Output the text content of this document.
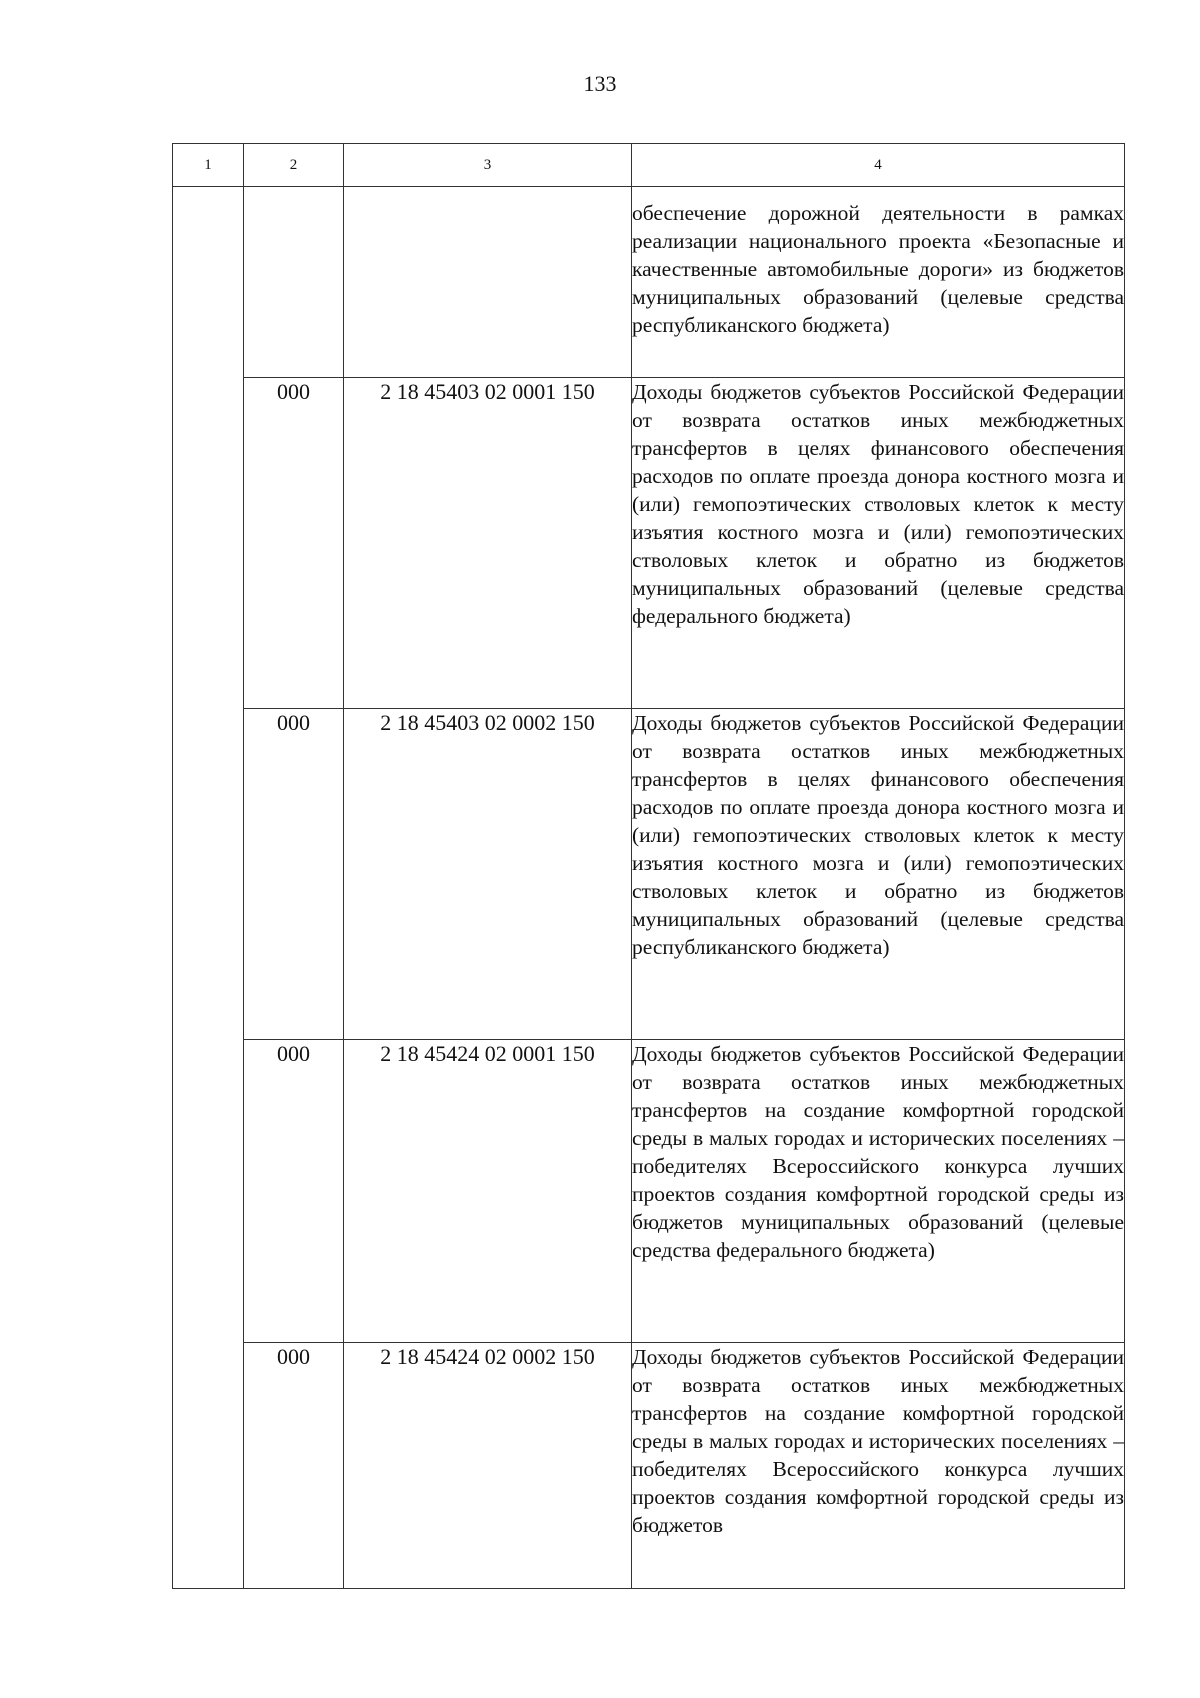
133
1	2	3	4
			обеспечение дорожной деятельности в рамках реализации национального проекта «Безопасные и качественные автомобильные дороги» из бюджетов муниципальных образований (целевые средства республиканского бюджета)
	000	2 18 45403 02 0001 150	Доходы бюджетов субъектов Российской Федерации от возврата остатков иных межбюджетных трансфертов в целях финансового обеспечения расходов по оплате проезда донора костного мозга и (или) гемопоэтических стволовых клеток к месту изъятия костного мозга и (или) гемопоэтических стволовых клеток и обратно из бюджетов муниципальных образований (целевые средства федерального бюджета)
	000	2 18 45403 02 0002 150	Доходы бюджетов субъектов Российской Федерации от возврата остатков иных межбюджетных трансфертов в целях финансового обеспечения расходов по оплате проезда донора костного мозга и (или) гемопоэтических стволовых клеток к месту изъятия костного мозга и (или) гемопоэтических стволовых клеток и обратно из бюджетов муниципальных образований (целевые средства республиканского бюджета)
	000	2 18 45424 02 0001 150	Доходы бюджетов субъектов Российской Федерации от возврата остатков иных межбюджетных трансфертов на создание комфортной городской среды в малых городах и исторических поселениях – победителях Всероссийского конкурса лучших проектов создания комфортной городской среды из бюджетов муниципальных образований (целевые средства федерального бюджета)
	000	2 18 45424 02 0002 150	Доходы бюджетов субъектов Российской Федерации от возврата остатков иных межбюджетных трансфертов на создание комфортной городской среды в малых городах и исторических поселениях – победителях Всероссийского конкурса лучших проектов создания комфортной городской среды из бюджетов
